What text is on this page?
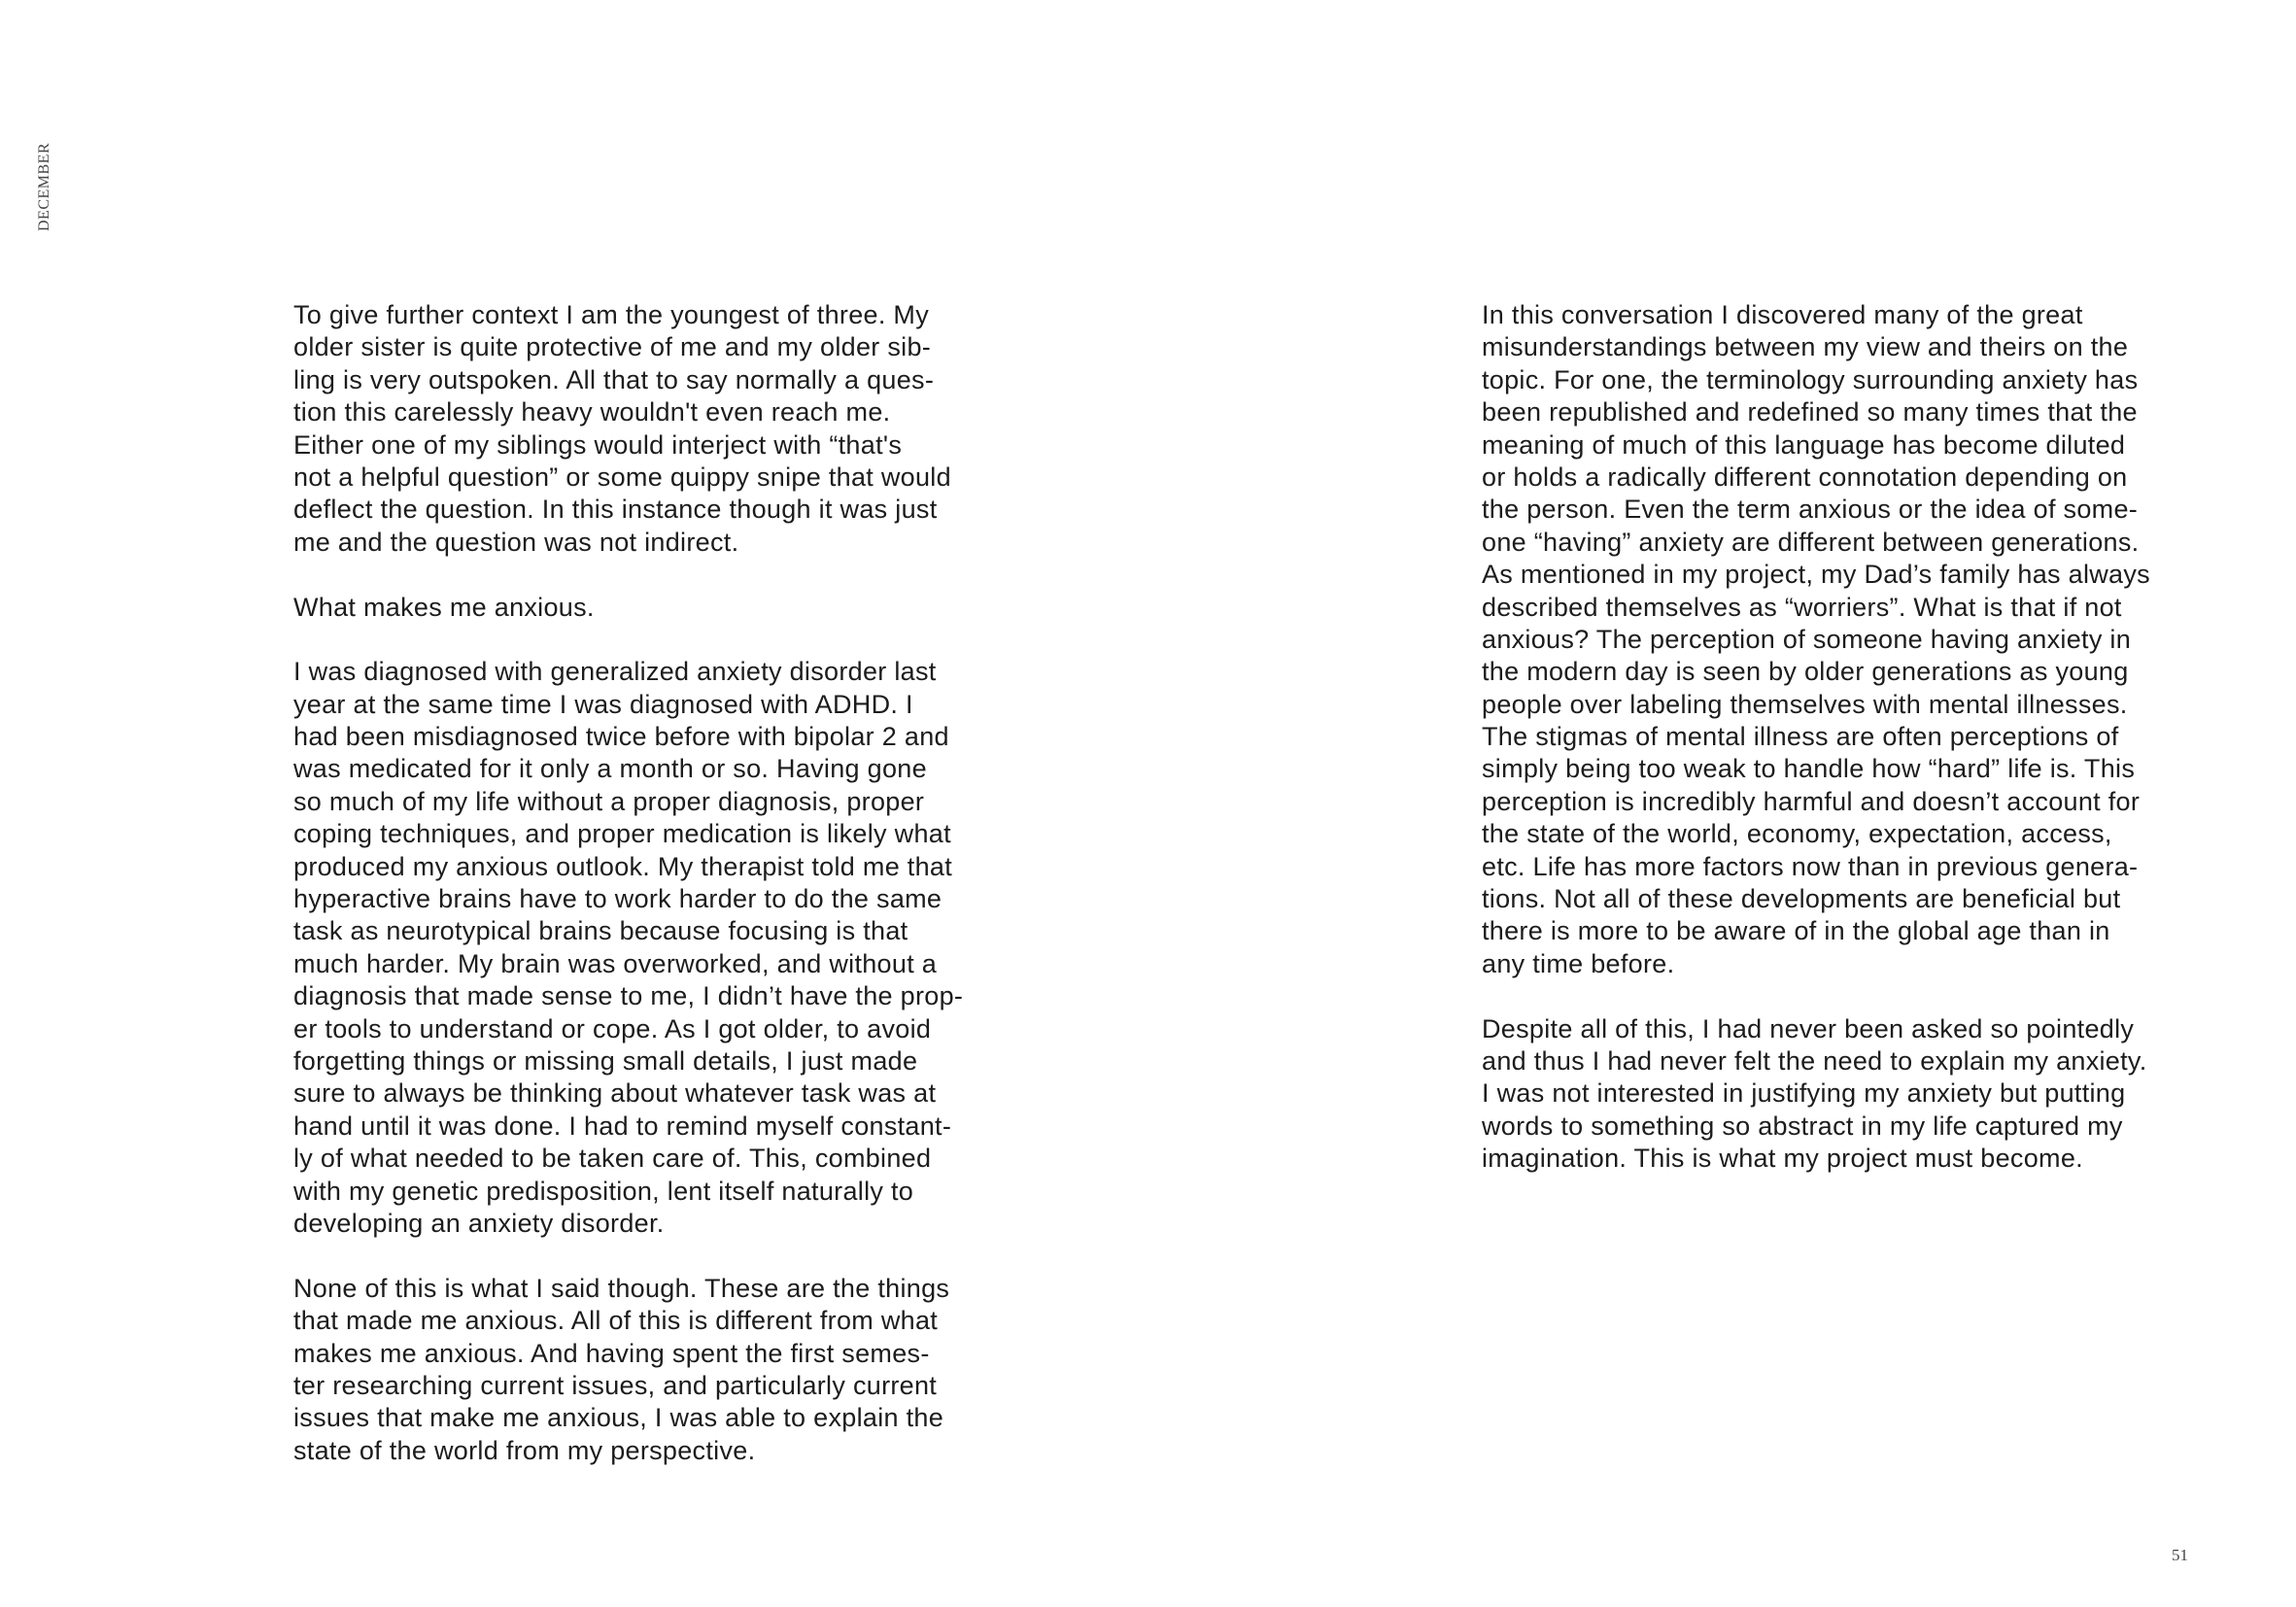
DECEMBER
To give further context I am the youngest of three. My
older sister is quite protective of me and my older sib-
ling is very outspoken. All that to say normally a ques-
tion this carelessly heavy wouldn't even reach me.
Either one of my siblings would interject with “that's
not a helpful question” or some quippy snipe that would
deflect the question. In this instance though it was just
me and the question was not indirect.
What makes me anxious.
I was diagnosed with generalized anxiety disorder last
year at the same time I was diagnosed with ADHD. I
had been misdiagnosed twice before with bipolar 2 and
was medicated for it only a month or so. Having gone
so much of my life without a proper diagnosis, proper
coping techniques, and proper medication is likely what
produced my anxious outlook. My therapist told me that
hyperactive brains have to work harder to do the same
task as neurotypical brains because focusing is that
much harder. My brain was overworked, and without a
diagnosis that made sense to me, I didn’t have the prop-
er tools to understand or cope. As I got older, to avoid
forgetting things or missing small details, I just made
sure to always be thinking about whatever task was at
hand until it was done. I had to remind myself constant-
ly of what needed to be taken care of. This, combined
with my genetic predisposition, lent itself naturally to
developing an anxiety disorder.
None of this is what I said though. These are the things
that made me anxious. All of this is different from what
makes me anxious. And having spent the first semes-
ter researching current issues, and particularly current
issues that make me anxious, I was able to explain the
state of the world from my perspective.
In this conversation I discovered many of the great
misunderstandings between my view and theirs on the
topic. For one, the terminology surrounding anxiety has
been republished and redefined so many times that the
meaning of much of this language has become diluted
or holds a radically different connotation depending on
the person. Even the term anxious or the idea of some-
one “having” anxiety are different between generations.
As mentioned in my project, my Dad’s family has always
described themselves as “worriers”. What is that if not
anxious? The perception of someone having anxiety in
the modern day is seen by older generations as young
people over labeling themselves with mental illnesses.
The stigmas of mental illness are often perceptions of
simply being too weak to handle how “hard” life is. This
perception is incredibly harmful and doesn’t account for
the state of the world, economy, expectation, access,
etc. Life has more factors now than in previous genera-
tions. Not all of these developments are beneficial but
there is more to be aware of in the global age than in
any time before.
Despite all of this, I had never been asked so pointedly
and thus I had never felt the need to explain my anxiety.
I was not interested in justifying my anxiety but putting
words to something so abstract in my life captured my
imagination. This is what my project must become.
51
